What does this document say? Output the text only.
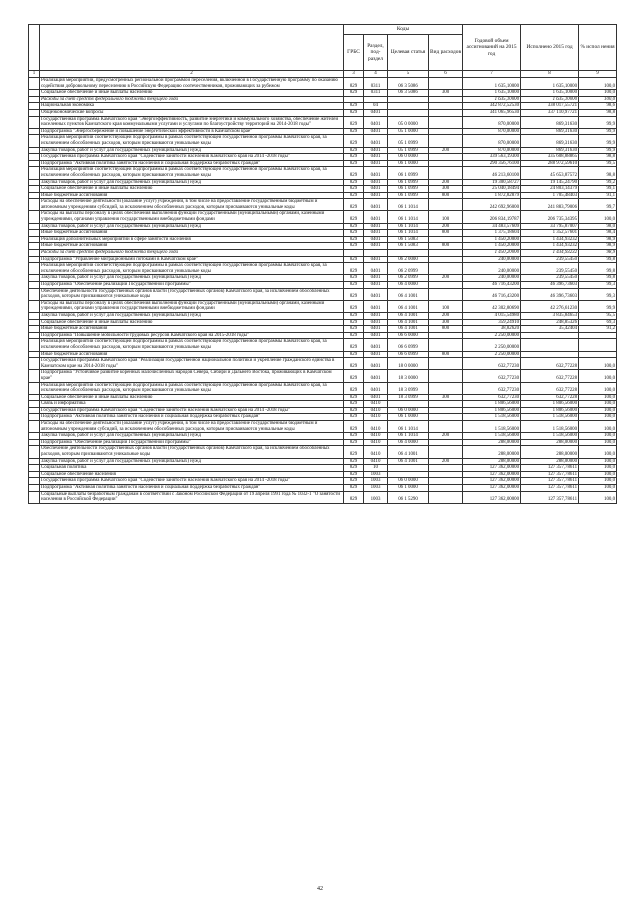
		Коды				Годовой объем ассигнований на 2015 год	Исполнено 2015 год	% испол нения
		ГРБС	Раздел, под- раздел	Целевая статья	Вид расходов			
1	2	3	4	5	6	7	8	9
	Реализация мероприятий, предусмотренных региональной программой переселения, включенной в Государственную программу по оказанию содействия добровольному переселению в Российскую Федерацию соотечественников, проживающих за рубежом	829	0311	06 3 5086		1 635,10000	1 635,10000	100,0
	Социальное обеспечение и иные выплаты населению	829	0311	06 3 5086	300	1 635,10000	1 635,10000	100,0
	Расходы за счет средств федерального бюджета текущего года					1 635,10000	1 635,10000	100,0
	Национальная экономика	829	04			342 872,52530	338 017,55721	98,6
	Общеэкономические вопросы	829	0401			341 065,96530	337 110,97721	98,8
	Государственная программа Камчатского края "Энергоэффективность, развитие энергетики и коммунального хозяйства, обеспечение жителей населенных пунктов Камчатского края коммунальными услугами и услугами по благоустройству территорий на 2014-2018 годы"	829	0401	05 0 0000		870,00000	869,31630	99,9
	Подпрограмма "Энергосбережение и повышение энергетической эффективности в Камчатском крае"	829	0401	05 1 0000		870,00000	869,31630	99,9
	Реализация мероприятий соответствующей подпрограммы в рамках соответствующей государственной программы Камчатского края, за исключением обособленных расходов, которым присваиваются уникальные коды	829	0401	05 1 0999		870,00000	869,31630	99,9
	Закупка товаров, работ и услуг для государственных (муниципальных) нужд	829	0401	05 1 0999	200	870,00000	869,31630	99,9
	Государственная программа Камчатского края "Содействие занятости населения Камчатского края на 2014 -2018 годы"	829	0401	06 0 0000		339 563,19300	335 608,88865	98,8
	Подпрограмма "Активная политика занятости населения и социальная поддержка безработных граждан"	829	0401	06 1 0000		290 356,76100	288 972,59610	99,5
	Реализация мероприятий соответствующей подпрограммы в рамках соответствующей государственной программы Камчатского края, за исключением обособленных расходов, которым присваиваются уникальные коды	829	0401	06 1 0999		46 213,60100	45 653,87572	98,8
	Закупка товаров, работ и услуг для государственных (муниципальных) нужд	829	0401	06 1 0999	200	19 300,58727	19 145,24790	99,2
	Социальное обеспечение и иные выплаты населению	829	0401	06 1 0999	300	25 040,18494	24 803,14379	99,1
	Иные бюджетные ассигнования	829	0401	06 1 0999	800	1 872,82879	1 705,48403	91,1
	Расходы на обеспечение деятельности (оказание услуг) учреждений, в том числе на предоставление государственным бюджетным и автономным учреждениям субсидий, за исключением обособленных расходов, которым присваиваются уникальные коды	829	0401	06 1 1014		242 692,96000	241 883,79006	99,7
	Расходы на выплаты персоналу в целях обеспечения выполнения функций государственными (муниципальными) органами, казенными учреждениями, органами управления государственными внебюджетными фондами	829	0401	06 1 1014	100	206 834,19787	206 735,34395	100,0
	Закупка товаров, работ и услуг для государственных (муниципальных) нужд	829	0401	06 1 1014	200	34 483,57609	33 795,87007	98,0
	Иные бюджетные ассигнования	829	0401	06 1 1014	800	1 375,18604	1 352,57601	98,4
	Реализация дополнительных мероприятий в сфере занятости населения	829	0401	06 1 5083		1 450,20000	1 434,93232	98,9
	Иные бюджетные ассигнования	829	0401	06 1 5083	800	1 450,20000	1 434,93232	98,9
	Расходы за счет средств федерального бюджета текущего года					1 450,20000	1 434,93232	98,9
	Подпрограмма "Управление миграционными потоками в Камчатском крае"	829	0401	06 2 0000		240,00000	239,55450	99,8
	Реализация мероприятий соответствующей подпрограммы в рамках соответствующей государственной программы Камчатского края, за исключением обособленных расходов, которым присваиваются уникальные коды	829	0401	06 2 0999		240,00000	239,55450	99,8
	Закупка товаров, работ и услуг для государственных (муниципальных) нужд	829	0401	06 2 0999	200	240,00000	239,55450	99,8
	Подпрограмма "Обеспечение реализации Государственной программы"	829	0401	06 4 0000		46 716,43200	46 396,73603	99,3
	Обеспечение деятельности государственных органов власти (государственных органов) Камчатского края, за исключением обособленных расходов, которым присваиваются уникальные коды	829	0401	06 4 1001		46 716,43200	46 396,73603	99,3
	Расходы на выплаты персоналу в целях обеспечения выполнения функций государственными (муниципальными) органами, казенными учреждениями, органами управления государственными внебюджетными фондами	829	0401	06 4 1001	100	42 302,80690	42 276,61230	99,9
	Закупка товаров, работ и услуг для государственных (муниципальных) нужд	829	0401	06 4 1001	200	4 015,54980	3 835,84653	95,5
	Социальное обеспечение и иные выплаты населению	829	0401	06 4 1001	300	359,24910	248,85326	69,3
	Иные бюджетные ассигнования	829	0401	06 4 1001	800	38,82620	35,42404	91,2
	Подпрограмма "Повышение мобильности трудовых ресурсов Камчатского края на 2015-2018 годы"	829	0401	06 6 0000		2 250,00000		
	Реализация мероприятий соответствующей подпрограммы в рамках соответствующей государственной программы Камчатского края, за исключением обособленных расходов, которым присваиваются уникальные коды	829	0401	06 6 0999		2 250,00000		
	Иные бюджетные ассигнования	829	0401	06 6 0999	800	2 250,00000		
	Государственная программа Камчатского края "Реализация государственной национальной политики и укрепление гражданского единства в Камчатском крае на 2014-2018 годы"	829	0401	18 0 0000		632,77230	632,77228	100,0
	Подпрограмма "Устойчивое развитие коренных малочисленных народов Севера, Сибири и Дальнего Востока, проживающих в Камчатском крае"	829	0401	18 3 0000		632,77230	632,77228	100,0
	Реализация мероприятий соответствующей подпрограммы в рамках соответствующей государственной программы Камчатского края, за исключением обособленных расходов, которым присваиваются уникальные коды	829	0401	18 3 0999		632,77230	632,77228	100,0
	Социальное обеспечение и иные выплаты населению	829	0401	18 3 0999	300	632,77230	632,77228	100,0
	Связь и информатика	829	0410			1 806,56000	1 806,56000	100,0
	Государственная программа Камчатского края "Содействие занятости населения Камчатского края на 2014 -2018 годы"	829	0410	06 0 0000		1 806,56000	1 806,56000	100,0
	Подпрограмма "Активная политика занятости населения и социальная поддержка безработных граждан"	829	0410	06 1 0000		1 518,56000	1 518,56000	100,0
	Расходы на обеспечение деятельности (оказание услуг) учреждений, в том числе на предоставление государственным бюджетным и автономным учреждениям субсидий, за исключением обособленных расходов, которым присваиваются уникальные коды	829	0410	06 1 1014		1 518,56000	1 518,56000	100,0
	Закупка товаров, работ и услуг для государственных (муниципальных) нужд	829	0410	06 1 1014	200	1 518,56000	1 518,56000	100,0
	Подпрограмма "Обеспечение реализации Государственной программы"	829	0410	06 4 0000		288,00000	288,00000	100,0
	Обеспечение деятельности государственных органов власти (государственных органов) Камчатского края, за исключением обособленных расходов, которым присваиваются уникальные коды	829	0410	06 4 1001		288,00000	288,00000	100,0
	Закупка товаров, работ и услуг для государственных (муниципальных) нужд	829	0410	06 4 1001	200	288,00000	288,00000	100,0
	Социальная политика	829	10			127 362,00000	127 357,78611	100,0
	Социальное обеспечение населения	829	1003			127 362,00000	127 357,78611	100,0
	Государственная программа Камчатского края "Содействие занятости населения Камчатского края на 2014 -2018 годы"	829	1003	06 0 0000		127 362,00000	127 357,78611	100,0
	Подпрограмма "Активная политика занятости населения и социальная поддержка безработных граждан"	829	1003	06 1 0000		127 362,00000	127 357,78611	100,0
	Социальные выплаты безработным гражданам в соответствии с Законом Российской Федерации от 19 апреля 1991 года № 1032-1 "О занятости населения в Российской Федерации"	829	1003	06 1 5290		127 362,00000	127 357,78611	100,0
42
